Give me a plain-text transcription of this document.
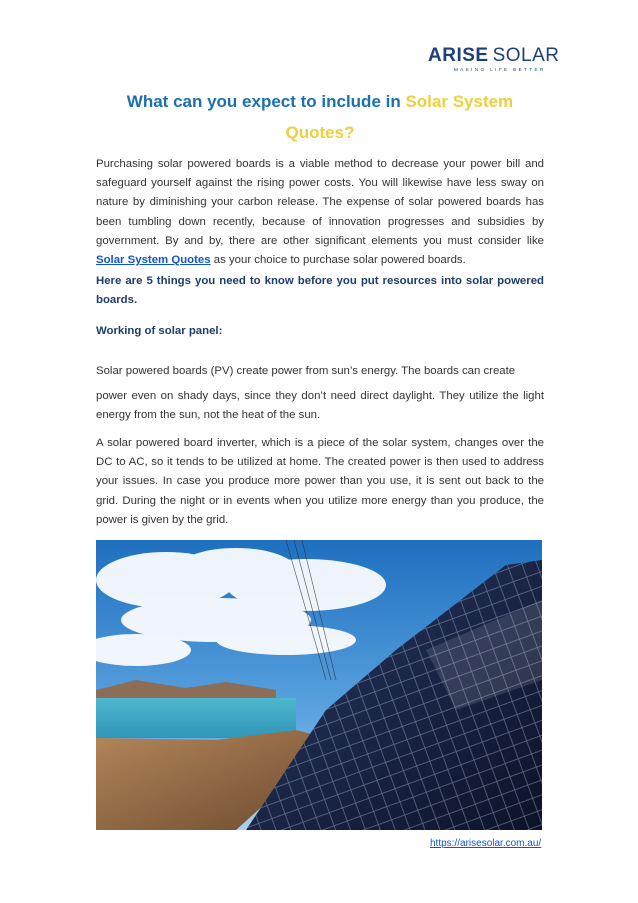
ARISE SOLAR
MAKING LIFE BETTER
What can you expect to include in Solar System Quotes?

Purchasing solar powered boards is a viable method to decrease your power bill and safeguard yourself against the rising power costs. You will likewise have less sway on nature by diminishing your carbon release. The expense of solar powered boards has been tumbling down recently, because of innovation progresses and subsidies by government. By and by, there are other significant elements you must consider like Solar System Quotes as your choice to purchase solar powered boards.

Here are 5 things you need to know before you put resources into solar powered boards.

Working of solar panel:

Solar powered boards (PV) create power from sun’s energy. The boards can create

power even on shady days, since they don’t need direct daylight. They utilize the light energy from the sun, not the heat of the sun.

A solar powered board inverter, which is a piece of the solar system, changes over the DC to AC, so it tends to be utilized at home. The created power is then used to address your issues. In case you produce more power than you use, it is sent out back to the grid. During the night or in events when you utilize more energy than you produce, the power is given by the grid.

https://arisesolar.com.au/
